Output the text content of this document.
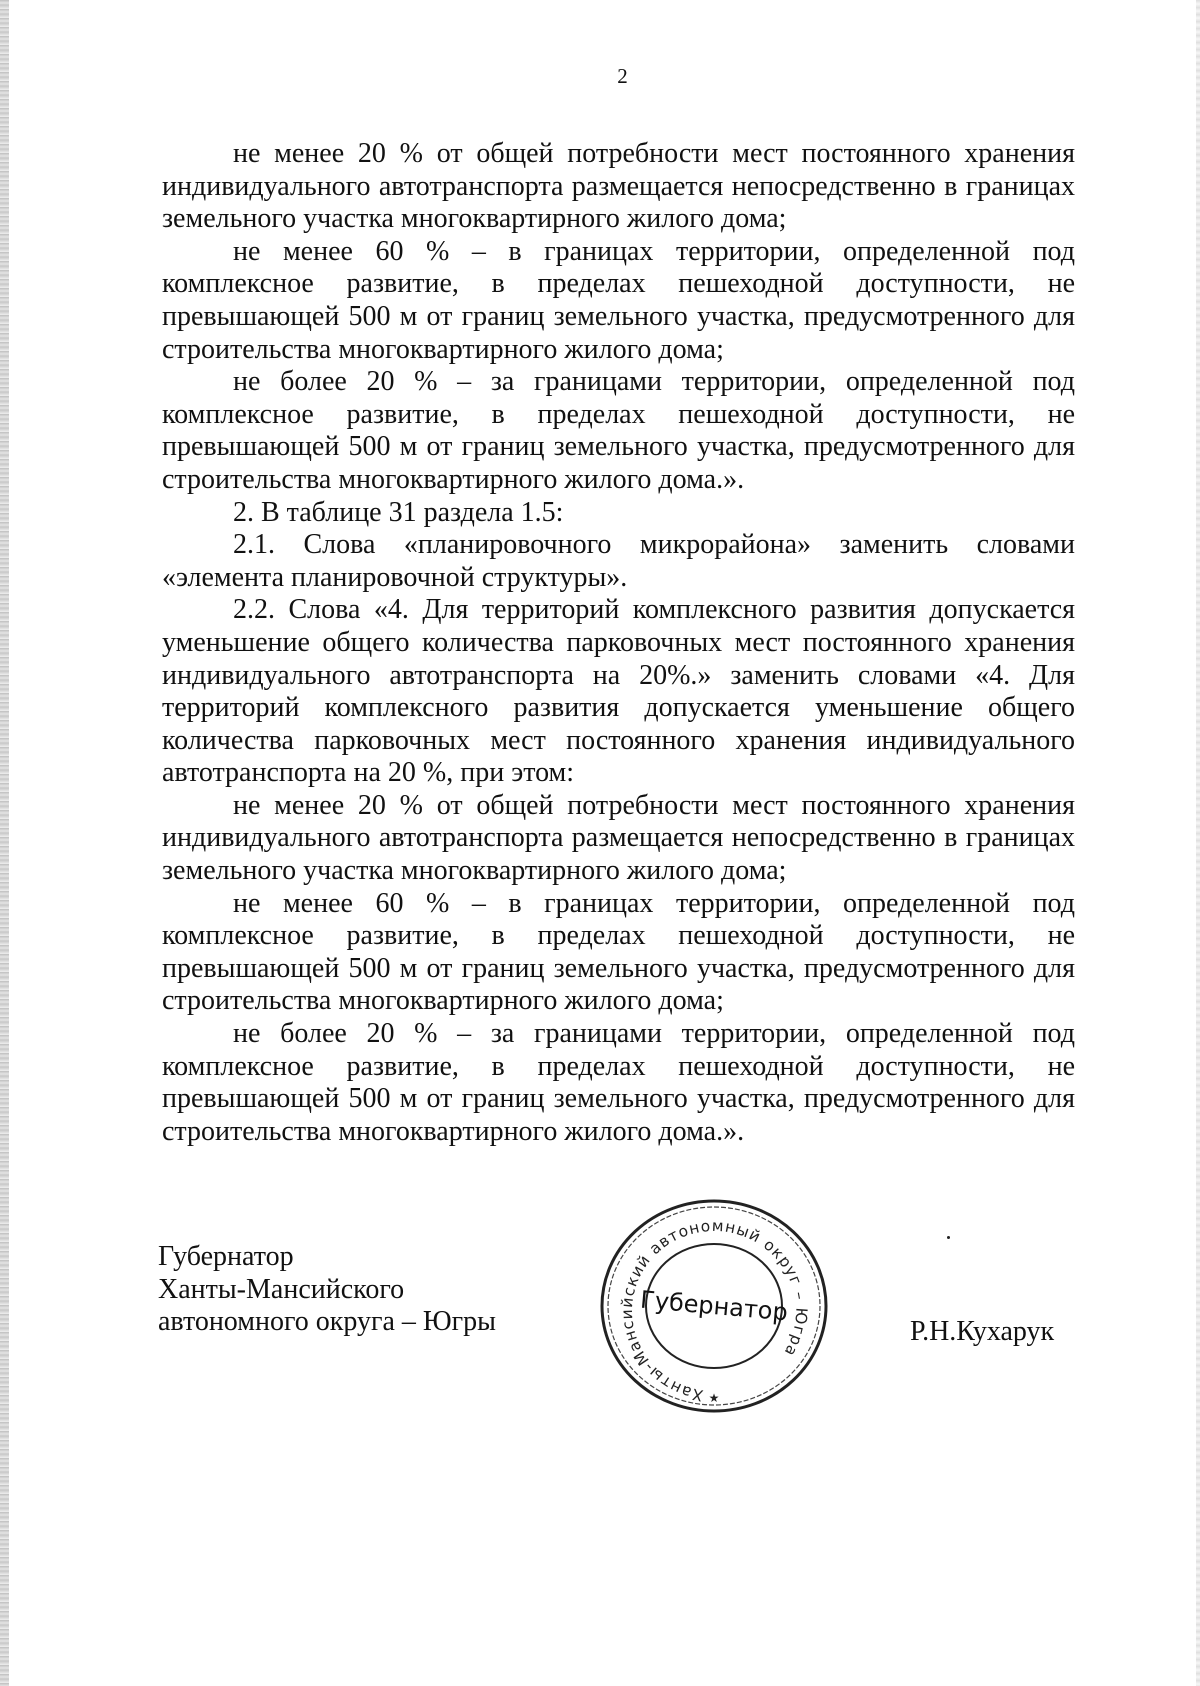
2

не менее 20 % от общей потребности мест постоянного хранения индивидуального автотранспорта размещается непосредственно в границах земельного участка многоквартирного жилого дома;

не менее 60 % – в границах территории, определенной под комплексное развитие, в пределах пешеходной доступности, не превышающей 500 м от границ земельного участка, предусмотренного для строительства многоквартирного жилого дома;

не более 20 % – за границами территории, определенной под комплексное развитие, в пределах пешеходной доступности, не превышающей 500 м от границ земельного участка, предусмотренного для строительства многоквартирного жилого дома.».

2. В таблице 31 раздела 1.5:

2.1. Слова «планировочного микрорайона» заменить словами «элемента планировочной структуры».

2.2. Слова «4. Для территорий комплексного развития допускается уменьшение общего количества парковочных мест постоянного хранения индивидуального автотранспорта на 20%.» заменить словами «4. Для территорий комплексного развития допускается уменьшение общего количества парковочных мест постоянного хранения индивидуального автотранспорта на 20 %, при этом:

не менее 20 % от общей потребности мест постоянного хранения индивидуального автотранспорта размещается непосредственно в границах земельного участка многоквартирного жилого дома;

не менее 60 % – в границах территории, определенной под комплексное развитие, в пределах пешеходной доступности, не превышающей 500 м от границ земельного участка, предусмотренного для строительства многоквартирного жилого дома;

не более 20 % – за границами территории, определенной под комплексное развитие, в пределах пешеходной доступности, не превышающей 500 м от границ земельного участка, предусмотренного для строительства многоквартирного жилого дома.».

Губернатор
Ханты-Мансийского
автономного округа – Югры
Ханты-Мансийский автономный округ – Югра
Губернатор
★
Р.Н.Кухарук
